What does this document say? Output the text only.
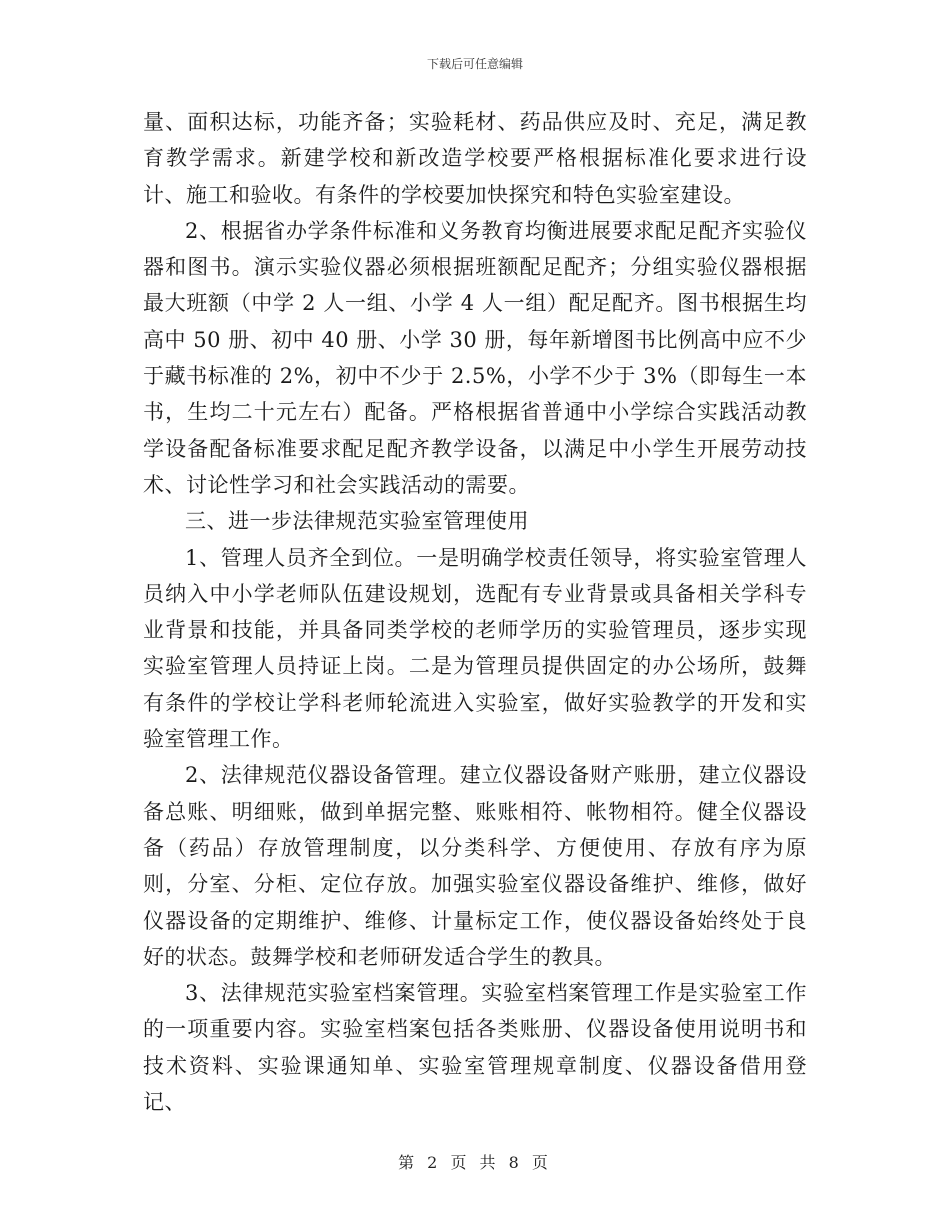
下载后可任意编辑

量、面积达标，功能齐备；实验耗材、药品供应及时、充足，满足教育教学需求。新建学校和新改造学校要严格根据标准化要求进行设计、施工和验收。有条件的学校要加快探究和特色实验室建设。

2、根据省办学条件标准和义务教育均衡进展要求配足配齐实验仪器和图书。演示实验仪器必须根据班额配足配齐；分组实验仪器根据最大班额（中学 2 人一组、小学 4 人一组）配足配齐。图书根据生均高中 50 册、初中 40 册、小学 30 册，每年新增图书比例高中应不少于藏书标准的 2%，初中不少于 2.5%，小学不少于 3%（即每生一本书，生均二十元左右）配备。严格根据省普通中小学综合实践活动教学设备配备标准要求配足配齐教学设备，以满足中小学生开展劳动技术、讨论性学习和社会实践活动的需要。

三、进一步法律规范实验室管理使用

1、管理人员齐全到位。一是明确学校责任领导，将实验室管理人员纳入中小学老师队伍建设规划，选配有专业背景或具备相关学科专业背景和技能，并具备同类学校的老师学历的实验管理员，逐步实现实验室管理人员持证上岗。二是为管理员提供固定的办公场所，鼓舞有条件的学校让学科老师轮流进入实验室，做好实验教学的开发和实验室管理工作。

2、法律规范仪器设备管理。建立仪器设备财产账册，建立仪器设备总账、明细账，做到单据完整、账账相符、帐物相符。健全仪器设备（药品）存放管理制度，以分类科学、方便使用、存放有序为原则，分室、分柜、定位存放。加强实验室仪器设备维护、维修，做好仪器设备的定期维护、维修、计量标定工作，使仪器设备始终处于良好的状态。鼓舞学校和老师研发适合学生的教具。

3、法律规范实验室档案管理。实验室档案管理工作是实验室工作的一项重要内容。实验室档案包括各类账册、仪器设备使用说明书和技术资料、实验课通知单、实验室管理规章制度、仪器设备借用登记、

第 2 页 共 8 页
